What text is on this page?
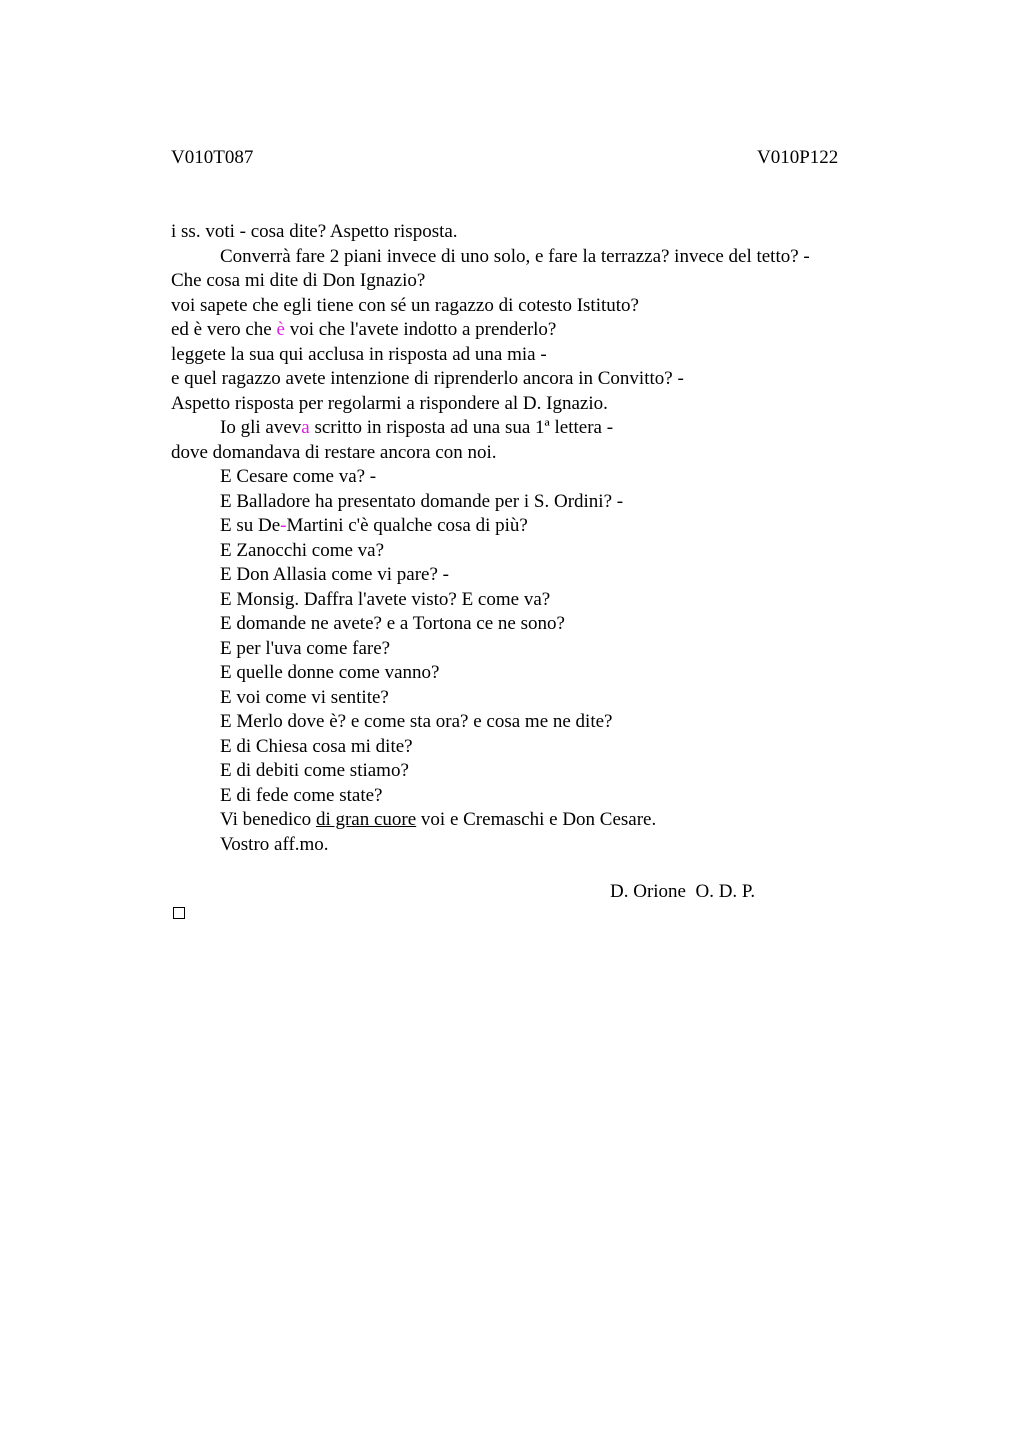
V010T087	V010P122
i ss. voti - cosa dite? Aspetto risposta.
Converrà fare 2 piani invece di uno solo, e fare la terrazza? invece del tetto? -
Che cosa mi dite di Don Ignazio?
voi sapete che egli tiene con sé un ragazzo di cotesto Istituto?
ed è vero che è voi che l'avete indotto a prenderlo?
leggete la sua qui acclusa in risposta ad una mia -
e quel ragazzo avete intenzione di riprenderlo ancora in Convitto? -
Aspetto risposta per regolarmi a rispondere al D. Ignazio.
Io gli aveva scritto in risposta ad una sua 1ª lettera -
dove domandava di restare ancora con noi.
E Cesare come va? -
E Balladore ha presentato domande per i S. Ordini? -
E su De-Martini c'è qualche cosa di più?
E Zanocchi come va?
E Don Allasia come vi pare? -
E Monsig. Daffra l'avete visto? E come va?
E domande ne avete? e a Tortona ce ne sono?
E per l'uva come fare?
E quelle donne come vanno?
E voi come vi sentite?
E Merlo dove è? e come sta ora? e cosa me ne dite?
E di Chiesa cosa mi dite?
E di debiti come stiamo?
E di fede come state?
Vi benedico di gran cuore voi e Cremaschi e Don Cesare.
Vostro aff.mo.
D. Orione  O. D. P.
